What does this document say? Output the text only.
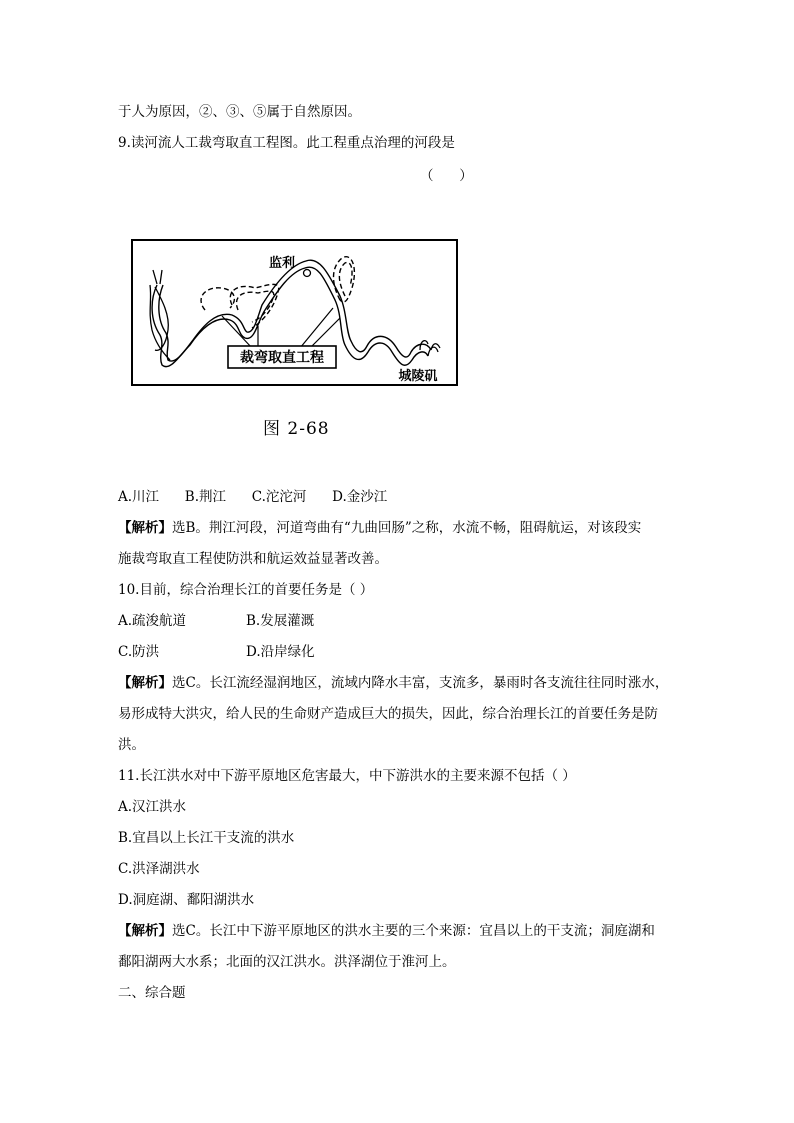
于人为原因，②、③、⑤属于自然原因。
9.读河流人工裁弯取直工程图。此工程重点治理的河段是
（      ）
裁弯取直工程
监利
城陵矶
图 2-68
A.川江      B.荆江      C.沱沱河      D.金沙江
【解析】选B。荆江河段，河道弯曲有“九曲回肠”之称，水流不畅，阻碍航运，对该段实
施裁弯取直工程使防洪和航运效益显著改善。
10.目前，综合治理长江的首要任务是（ ）
A.疏浚航道	B.发展灌溉
C.防洪	D.沿岸绿化
【解析】选C。长江流经湿润地区，流域内降水丰富，支流多，暴雨时各支流往往同时涨水，
易形成特大洪灾，给人民的生命财产造成巨大的损失，因此，综合治理长江的首要任务是防
洪。
11.长江洪水对中下游平原地区危害最大，中下游洪水的主要来源不包括（ ）
A.汉江洪水
B.宜昌以上长江干支流的洪水
C.洪泽湖洪水
D.洞庭湖、鄱阳湖洪水
【解析】选C。长江中下游平原地区的洪水主要的三个来源：宜昌以上的干支流；洞庭湖和
鄱阳湖两大水系；北面的汉江洪水。洪泽湖位于淮河上。
二、综合题
